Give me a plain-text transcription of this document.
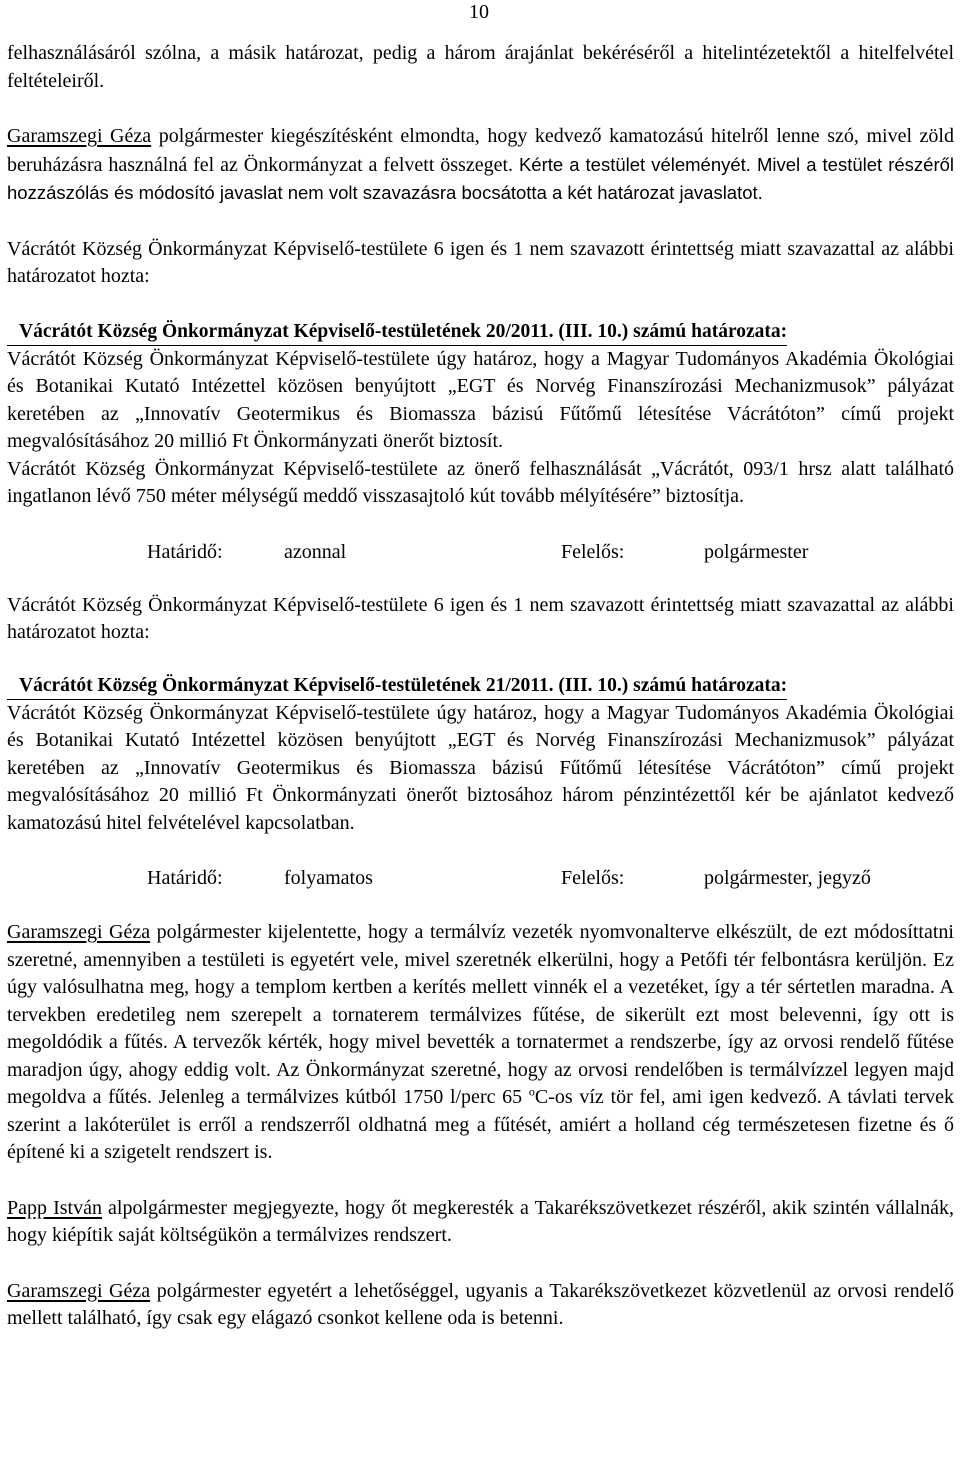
10

felhasználásáról szólna, a másik határozat, pedig a három árajánlat bekéréséről a hitelintézetektől a hitelfelvétel feltételeiről.

Garamszegi Géza polgármester kiegészítésként elmondta, hogy kedvező kamatozású hitelről lenne szó, mivel zöld beruházásra használná fel az Önkormányzat a felvett összeget. Kérte a testület véleményét. Mivel a testület részéről hozzászólás és módosító javaslat nem volt szavazásra bocsátotta a két határozat javaslatot.

Vácrátót Község Önkormányzat Képviselő-testülete 6 igen és 1 nem szavazott érintettség miatt szavazattal az alábbi határozatot hozta:

Vácrátót Község Önkormányzat Képviselő-testületének 20/2011. (III. 10.) számú határozata:

Vácrátót Község Önkormányzat Képviselő-testülete úgy határoz, hogy a Magyar Tudományos Akadémia Ökológiai és Botanikai Kutató Intézettel közösen benyújtott „EGT és Norvég Finanszírozási Mechanizmusok” pályázat keretében az „Innovatív Geotermikus és Biomassza bázisú Fűtőmű létesítése Vácrátóton” című projekt megvalósításához 20 millió Ft Önkormányzati önerőt biztosít.

Vácrátót Község Önkormányzat Képviselő-testülete az önerő felhasználását „Vácrátót, 093/1 hrsz alatt található ingatlanon lévő 750 méter mélységű meddő visszasajtoló kút tovább mélyítésére” biztosítja.

Határidő:	azonnal	Felelős:	polgármester

Vácrátót Község Önkormányzat Képviselő-testülete 6 igen és 1 nem szavazott érintettség miatt szavazattal az alábbi határozatot hozta:

Vácrátót Község Önkormányzat Képviselő-testületének 21/2011. (III. 10.) számú határozata:

Vácrátót Község Önkormányzat Képviselő-testülete úgy határoz, hogy a Magyar Tudományos Akadémia Ökológiai és Botanikai Kutató Intézettel közösen benyújtott „EGT és Norvég Finanszírozási Mechanizmusok” pályázat keretében az „Innovatív Geotermikus és Biomassza bázisú Fűtőmű létesítése Vácrátóton” című projekt megvalósításához 20 millió Ft Önkormányzati önerőt biztosához három pénzintézettől kér be ajánlatot kedvező kamatozású hitel felvételével kapcsolatban.

Határidő:	folyamatos	Felelős:	polgármester, jegyző

Garamszegi Géza polgármester kijelentette, hogy a termálvíz vezeték nyomvonalterve elkészült, de ezt módosíttatni szeretné, amennyiben a testületi is egyetért vele, mivel szeretnék elkerülni, hogy a Petőfi tér felbontásra kerüljön. Ez úgy valósulhatna meg, hogy a templom kertben a kerítés mellett vinnék el a vezetéket, így a tér sértetlen maradna. A tervekben eredetileg nem szerepelt a tornaterem termálvizes fűtése, de sikerült ezt most belevenni, így ott is megoldódik a fűtés. A tervezők kérték, hogy mivel bevették a tornatermet a rendszerbe, így az orvosi rendelő fűtése maradjon úgy, ahogy eddig volt. Az Önkormányzat szeretné, hogy az orvosi rendelőben is termálvízzel legyen majd megoldva a fűtés. Jelenleg a termálvizes kútból 1750 l/perc 65 $^o$C-os víz tör fel, ami igen kedvező. A távlati tervek szerint a lakóterület is erről a rendszerről oldhatná meg a fűtését, amiért a holland cég természetesen fizetne és ő építené ki a szigetelt rendszert is.

Papp István alpolgármester megjegyezte, hogy őt megkeresték a Takarékszövetkezet részéről, akik szintén vállalnák, hogy kiépítik saját költségükön a termálvizes rendszert.

Garamszegi Géza polgármester egyetért a lehetőséggel, ugyanis a Takarékszövetkezet közvetlenül az orvosi rendelő mellett található, így csak egy elágazó csonkot kellene oda is betenni.
